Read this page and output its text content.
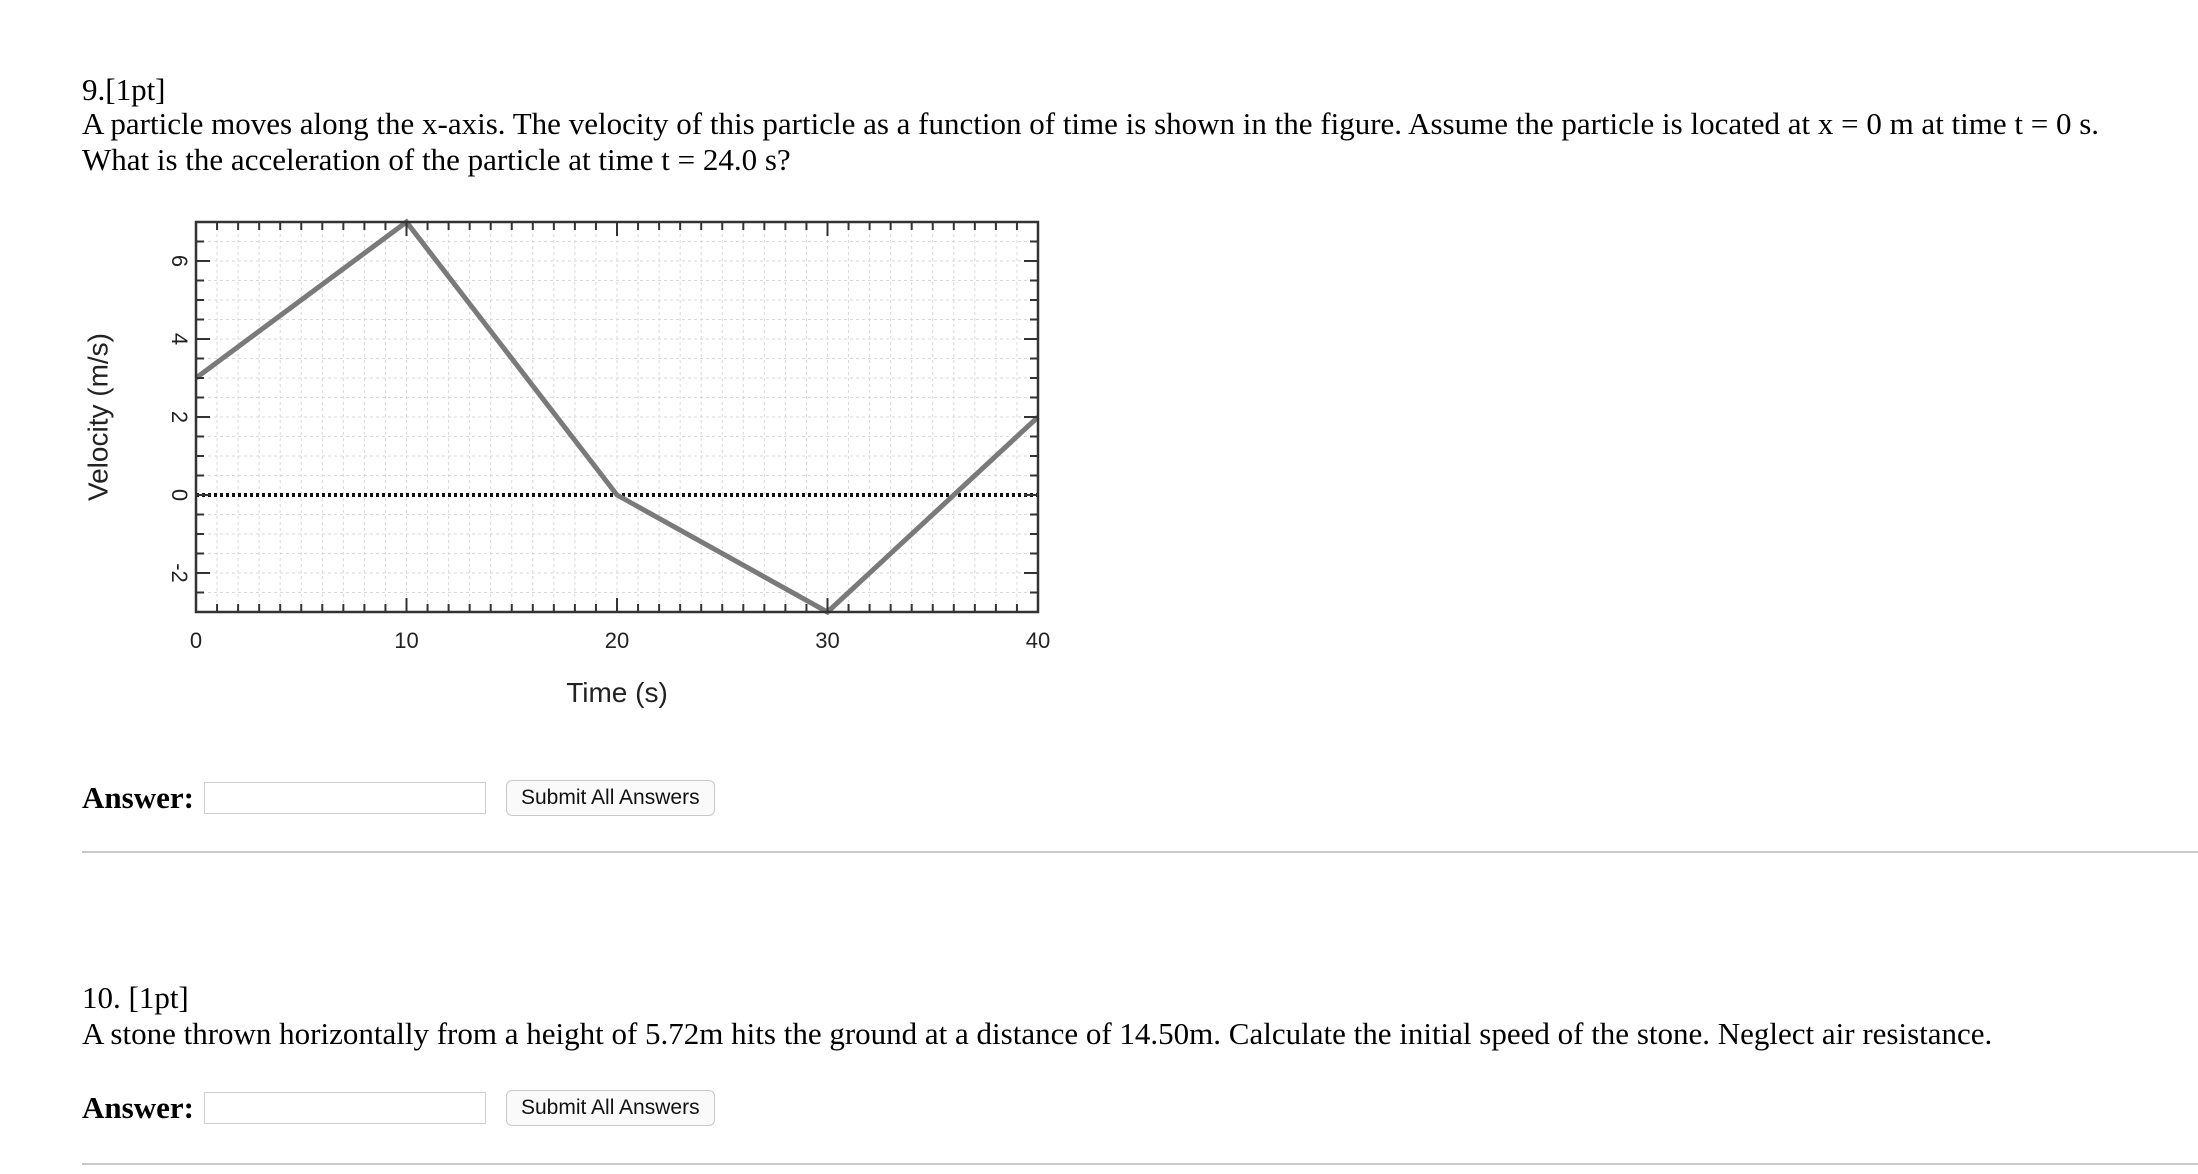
9.[1pt]
A particle moves along the x-axis. The velocity of this particle as a function of time is shown in the figure. Assume the particle is located at x = 0 m at time t = 0 s.
What is the acceleration of the particle at time t = 24.0 s?
0	10	20	30	40
6
4
2
0
-2
Time (s)
Velocity (m/s)
Answer:	Submit All Answers
10. [1pt]
A stone thrown horizontally from a height of 5.72m hits the ground at a distance of 14.50m. Calculate the initial speed of the stone. Neglect air resistance.
Answer:	Submit All Answers
